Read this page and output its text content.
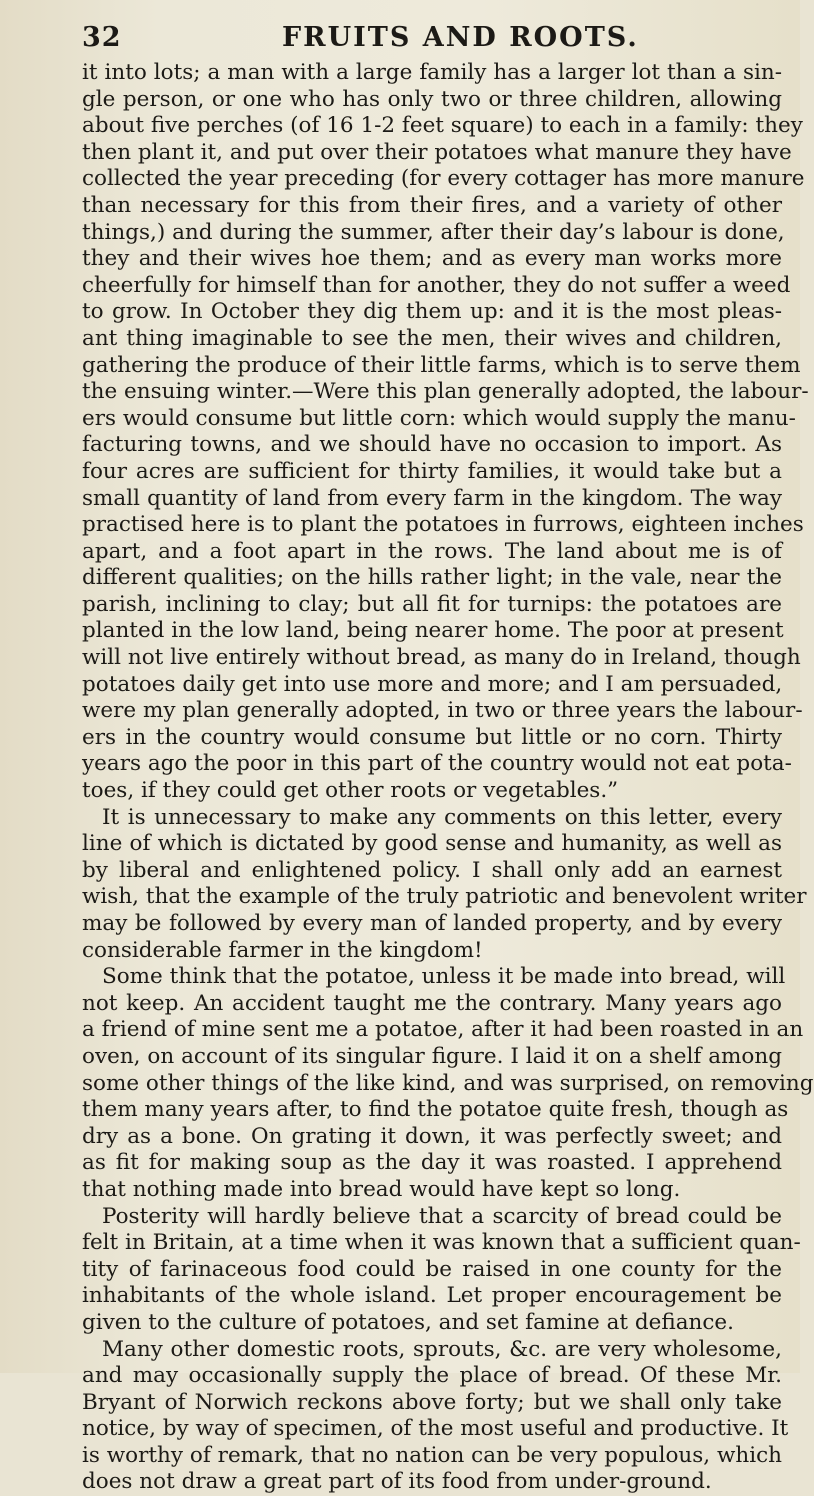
32	FRUITS AND ROOTS.
it into lots; a man with a large family has a larger lot than a sin-
gle person, or one who has only two or three children, allowing
about five perches (of 16 1-2 feet square) to each in a family: they
then plant it, and put over their potatoes what manure they have
collected the year preceding (for every cottager has more manure
than necessary for this from their fires, and a variety of other
things,) and during the summer, after their day’s labour is done,
they and their wives hoe them; and as every man works more
cheerfully for himself than for another, they do not suffer a weed
to grow. In October they dig them up: and it is the most pleas-
ant thing imaginable to see the men, their wives and children,
gathering the produce of their little farms, which is to serve them
the ensuing winter.—Were this plan generally adopted, the labour-
ers would consume but little corn: which would supply the manu-
facturing towns, and we should have no occasion to import. As
four acres are sufficient for thirty families, it would take but a
small quantity of land from every farm in the kingdom. The way
practised here is to plant the potatoes in furrows, eighteen inches
apart, and a foot apart in the rows. The land about me is of
different qualities; on the hills rather light; in the vale, near the
parish, inclining to clay; but all fit for turnips: the potatoes are
planted in the low land, being nearer home. The poor at present
will not live entirely without bread, as many do in Ireland, though
potatoes daily get into use more and more; and I am persuaded,
were my plan generally adopted, in two or three years the labour-
ers in the country would consume but little or no corn. Thirty
years ago the poor in this part of the country would not eat pota-
toes, if they could get other roots or vegetables.”
It is unnecessary to make any comments on this letter, every
line of which is dictated by good sense and humanity, as well as
by liberal and enlightened policy. I shall only add an earnest
wish, that the example of the truly patriotic and benevolent writer
may be followed by every man of landed property, and by every
considerable farmer in the kingdom!
Some think that the potatoe, unless it be made into bread, will
not keep. An accident taught me the contrary. Many years ago
a friend of mine sent me a potatoe, after it had been roasted in an
oven, on account of its singular figure. I laid it on a shelf among
some other things of the like kind, and was surprised, on removing
them many years after, to find the potatoe quite fresh, though as
dry as a bone. On grating it down, it was perfectly sweet; and
as fit for making soup as the day it was roasted. I apprehend
that nothing made into bread would have kept so long.
Posterity will hardly believe that a scarcity of bread could be
felt in Britain, at a time when it was known that a sufficient quan-
tity of farinaceous food could be raised in one county for the
inhabitants of the whole island. Let proper encouragement be
given to the culture of potatoes, and set famine at defiance.
Many other domestic roots, sprouts, &c. are very wholesome,
and may occasionally supply the place of bread. Of these Mr.
Bryant of Norwich reckons above forty; but we shall only take
notice, by way of specimen, of the most useful and productive. It
is worthy of remark, that no nation can be very populous, which
does not draw a great part of its food from under-ground.
